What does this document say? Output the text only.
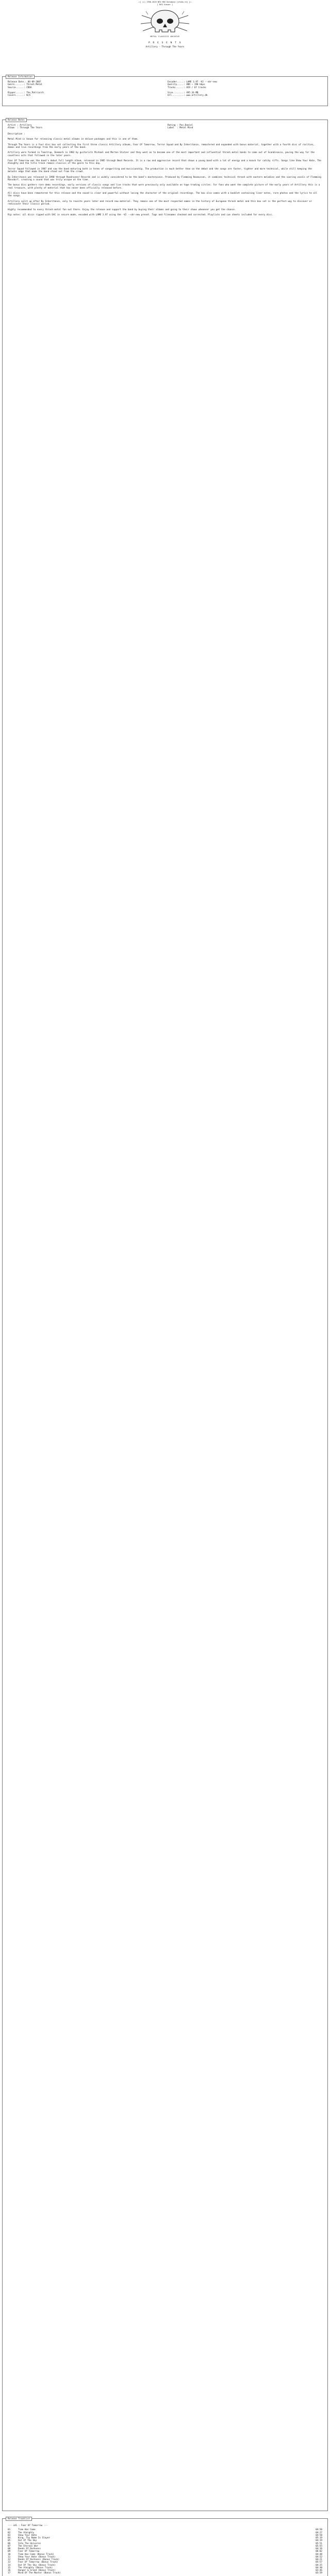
-=[ (c) 1996-2025 NFO MOS Database [nfo4b.re] ]=-
[ NFO Viewer ]
METAL CLASSICS ARCHIVE
P R E S E N T S
Artillery - Through The Years
Release Information
Release Date.: 06-09-2007
Genre.......: Thrash Metal
Source......: CDDA
Ripper......: The_Patriarch
Covers......: N/A
Encoder.....: LAME 3.97 -V2 --vbr-new
Quality.....: VBR ~ 190 kbps
Tracks......: 4CD / 67 tracks
Size........: 495.16 MB
Url.........: www.artillery.dk
Release Notes
Artist : Artillery
Album  : Through The Years
Rating : Pos.Daniel
Label  : Metal Mind
Description :

Metal Mind is known for releasing classic metal albums in deluxe packages and this is one of them.

Through The Years is a four disc box set collecting the first three classic Artillery albums, Fear Of Tomorrow, Terror Squad and By Inheritance, remastered and expanded with bonus material, together with a fourth disc of rarities, demos and live recordings from the early years of the band.

Artillery were formed in Taastrup, Denmark in 1982 by guitarists Michael and Morten Stutzer and they went on to become one of the most important and influential thrash metal bands to come out of Scandinavia, paving the way for the countless acts that followed in the later years.

Fear Of Tomorrow was the band's debut full length album, released in 1985 through Neat Records. It is a raw and aggressive record that shows a young band with a lot of energy and a knack for catchy riffs. Songs like Show Your Hate, The Almighty and the title track remain classics of the genre to this day.

Terror Squad followed in 1987 and saw the band maturing both in terms of songwriting and musicianship. The production is much better than on the debut and the songs are faster, tighter and more technical, while still keeping the melodic edge that made the band stand out from the crowd.

By Inheritance was released in 1990 through Roadrunner Records and is widely considered to be the band's masterpiece. Produced by Flemming Rasmussen, it combines technical thrash with eastern melodies and the soaring vocals of Flemming Ronsdorf, creating a sound that was truly unique at the time.

The bonus disc gathers rare demo recordings, early versions of classic songs and live tracks that were previously only available on tape trading circles. For fans who want the complete picture of the early years of Artillery this is a real treasure, with plenty of material that has never been officially released before.

All discs have been remastered for this release and the sound is clear and powerful without losing the character of the original recordings. The box also comes with a booklet containing liner notes, rare photos and the lyrics to all the songs.

Artillery split up after By Inheritance, only to reunite years later and record new material. They remain one of the most respected names in the history of European thrash metal and this box set is the perfect way to discover or rediscover their classic period.

Highly recommended to every thrash metal fan out there. Enjoy the release and support the band by buying their albums and going to their shows whenever you get the chance.

Rip notes: all discs ripped with EAC in secure mode, encoded with LAME 3.97 using the -V2 --vbr-new preset. Tags and filenames checked and corrected. Playlists and cue sheets included for every disc.

Release Tracklist
--- cd1 : Fear Of Tomorrow ---
01	Time Has Come	04:50
02	The Almighty	04:27
03	Show Your Hate	04:58
04	King, Thy Name Is Slayer	05:19
05	Out Of The Sky	04:19
06	Into The Universe	05:51
07	The Eternal War	05:55
08	Deeds Of Darkness	04:16
09	Fear Of Tomorrow	06:02
10	Time Has Come (Bonus Track)	04:48
11	Show Your Hate (Bonus Track)	04:52
12	Deeds Of Darkness (Bonus Track)	04:21
13	Fear Of Tomorrow (Bonus Track)	05:57
14	Out Of The Sky (Bonus Track)	04:25
15	The Almighty (Bonus Track)	04:30
16	Hunger & Greed (Bonus Track)	03:46
17	Mind Of The Master (Bonus Track)	03:59
